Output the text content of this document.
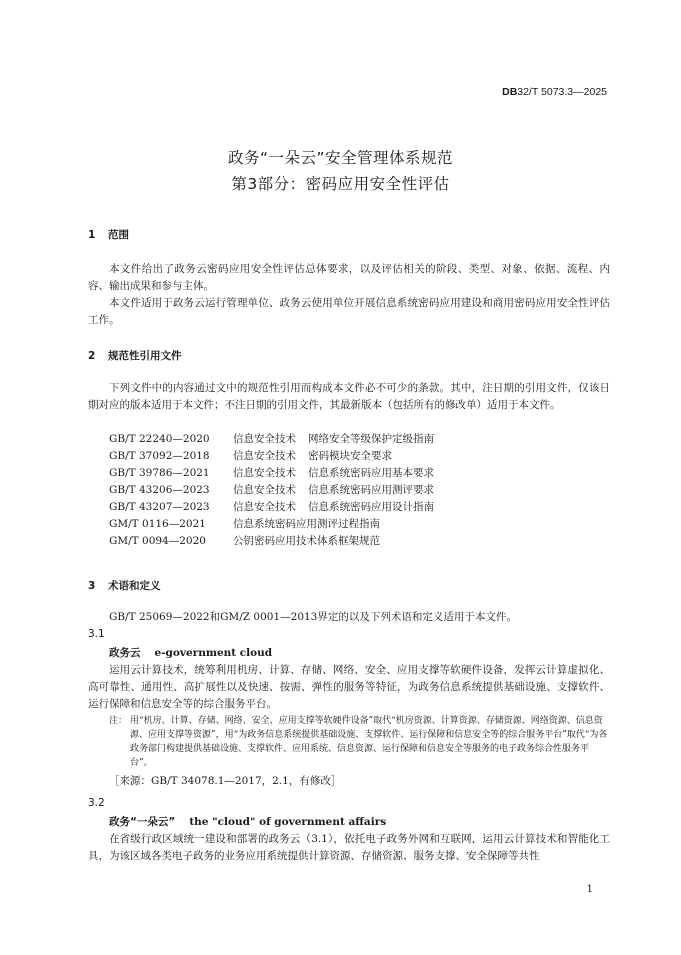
DB32/T 5073.3—2025
政务“一朵云”安全管理体系规范
第3部分：密码应用安全性评估
1 范围
本文件给出了政务云密码应用安全性评估总体要求，以及评估相关的阶段、类型、对象、依据、流程、内容、输出成果和参与主体。
本文件适用于政务云运行管理单位、政务云使用单位开展信息系统密码应用建设和商用密码应用安全性评估工作。
2 规范性引用文件
下列文件中的内容通过文中的规范性引用而构成本文件必不可少的条款。其中，注日期的引用文件，仅该日期对应的版本适用于本文件；不注日期的引用文件，其最新版本（包括所有的修改单）适用于本文件。
GB/T 22240—2020 信息安全技术 网络安全等级保护定级指南
GB/T 37092—2018 信息安全技术 密码模块安全要求
GB/T 39786—2021 信息安全技术 信息系统密码应用基本要求
GB/T 43206—2023 信息安全技术 信息系统密码应用测评要求
GB/T 43207—2023 信息安全技术 信息系统密码应用设计指南
GM/T 0116—2021	信息系统密码应用测评过程指南
GM/T 0094—2020	公钥密码应用技术体系框架规范
3 术语和定义
GB/T 25069—2022和GM/Z 0001—2013界定的以及下列术语和定义适用于本文件。
3.1
政务云 e-government cloud
运用云计算技术，统筹利用机房、计算、存储、网络、安全、应用支撑等软硬件设备，发挥云计算虚拟化、高可靠性、通用性、高扩展性以及快速、按需、弹性的服务等特征，为政务信息系统提供基础设施、支撑软件、运行保障和信息安全等的综合服务平台。
注： 用“机房、计算、存储、网络、安全、应用支撑等软硬件设备”取代“机房资源、计算资源、存储资源、网络资源、信息资源、应用支撑等资源”，用“为政务信息系统提供基础设施、支撑软件、运行保障和信息安全等的综合服务平台”取代“为各政务部门构建提供基础设施、支撑软件、应用系统、信息资源、运行保障和信息安全等服务的电子政务综合性服务平台”。
［来源：GB/T 34078.1—2017，2.1，有修改］
3.2
政务“一朵云” the "cloud" of government affairs
在省级行政区域统一建设和部署的政务云（3.1），依托电子政务外网和互联网，运用云计算技术和智能化工具，为该区域各类电子政务的业务应用系统提供计算资源、存储资源、服务支撑、安全保障等共性
1
